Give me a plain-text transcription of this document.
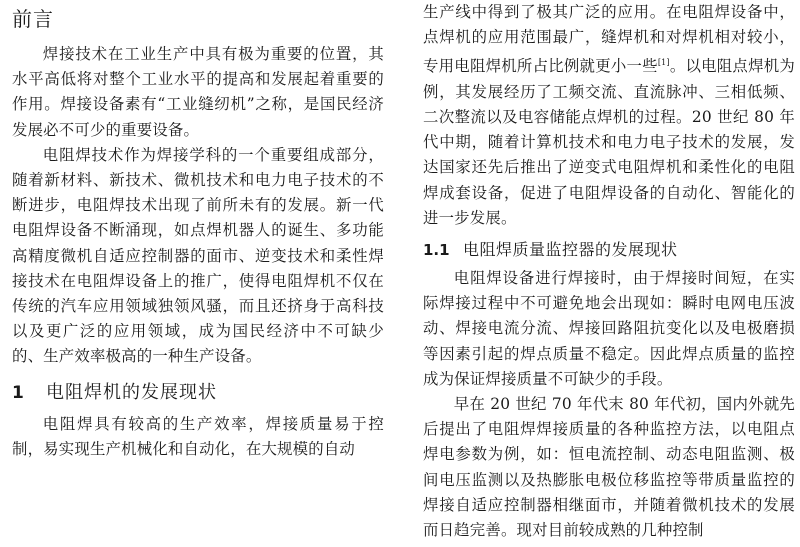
前言

焊接技术在工业生产中具有极为重要的位置，其水平高低将对整个工业水平的提高和发展起着重要的作用。焊接设备素有“工业缝纫机”之称，是国民经济发展必不可少的重要设备。

电阻焊技术作为焊接学科的一个重要组成部分，随着新材料、新技术、微机技术和电力电子技术的不断进步，电阻焊技术出现了前所未有的发展。新一代电阻焊设备不断涌现，如点焊机器人的诞生、多功能高精度微机自适应控制器的面市、逆变技术和柔性焊接技术在电阻焊设备上的推广，使得电阻焊机不仅在传统的汽车应用领域独领风骚，而且还挤身于高科技以及更广泛的应用领域，成为国民经济中不可缺少的、生产效率极高的一种生产设备。

1	电阻焊机的发展现状

电阻焊具有较高的生产效率，焊接质量易于控制，易实现生产机械化和自动化，在大规模的自动

生产线中得到了极其广泛的应用。在电阻焊设备中，点焊机的应用范围最广，缝焊机和对焊机相对较小，专用电阻焊机所占比例就更小一些[1]。以电阻点焊机为例，其发展经历了工频交流、直流脉冲、三相低频、二次整流以及电容储能点焊机的过程。20 世纪 80 年代中期，随着计算机技术和电力电子技术的发展，发达国家还先后推出了逆变式电阻焊机和柔性化的电阻焊成套设备，促进了电阻焊设备的自动化、智能化的进一步发展。

1.1 电阻焊质量监控器的发展现状

电阻焊设备进行焊接时，由于焊接时间短，在实际焊接过程中不可避免地会出现如：瞬时电网电压波动、焊接电流分流、焊接回路阻抗变化以及电极磨损等因素引起的焊点质量不稳定。因此焊点质量的监控成为保证焊接质量不可缺少的手段。

早在 20 世纪 70 年代末 80 年代初，国内外就先后提出了电阻焊焊接质量的各种监控方法，以电阻点焊电参数为例，如：恒电流控制、动态电阻监测、极间电压监测以及热膨胀电极位移监控等带质量监控的焊接自适应控制器相继面市，并随着微机技术的发展而日趋完善。现对目前较成熟的几种控制
